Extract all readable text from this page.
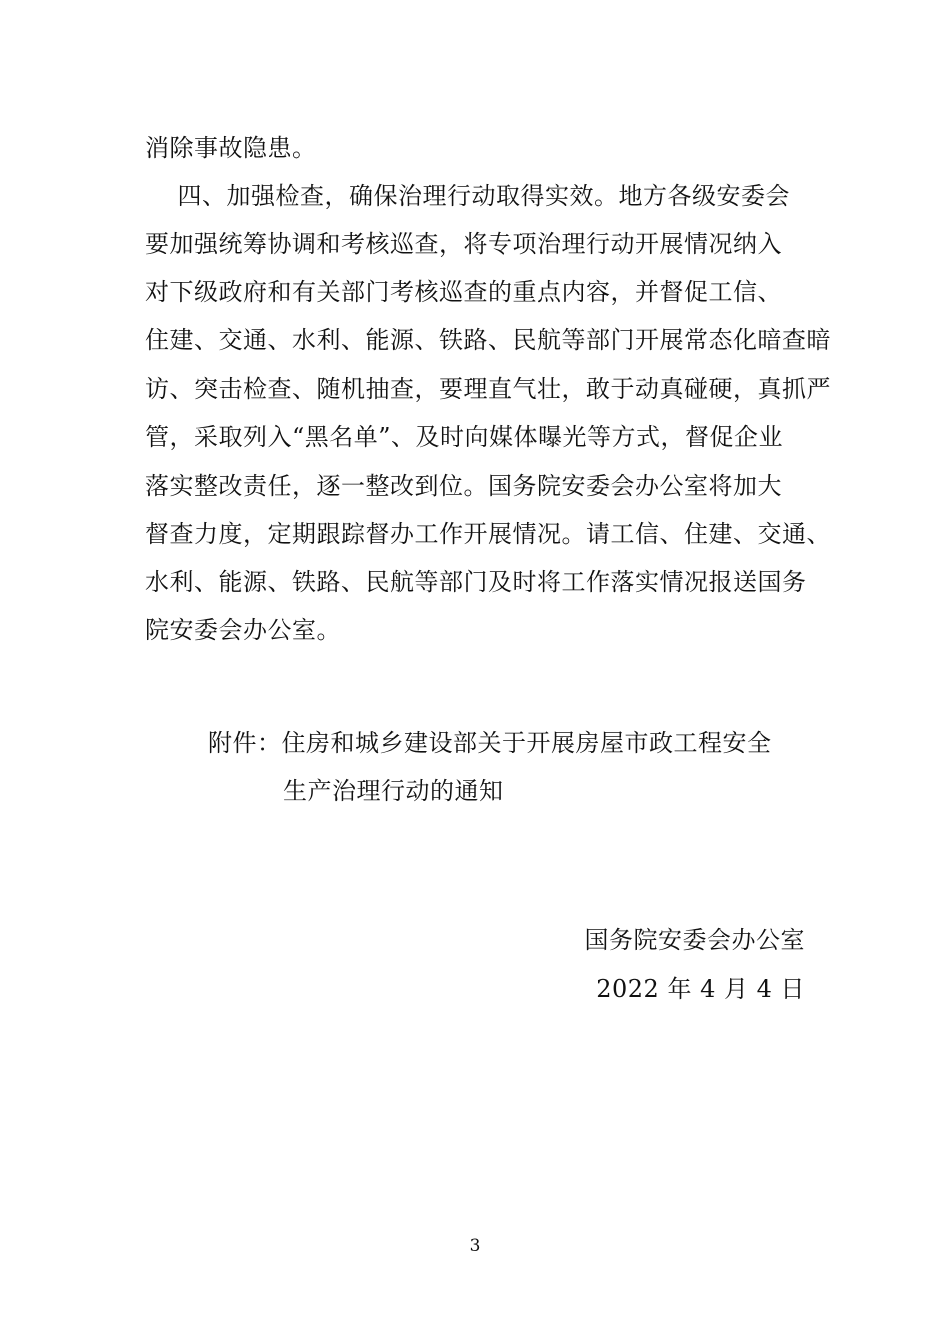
消除事故隐患。
四、加强检查，确保治理行动取得实效。地方各级安委会
要加强统筹协调和考核巡查，将专项治理行动开展情况纳入
对下级政府和有关部门考核巡查的重点内容，并督促工信、
住建、交通、水利、能源、铁路、民航等部门开展常态化暗查暗
访、突击检查、随机抽查，要理直气壮，敢于动真碰硬，真抓严
管，采取列入“黑名单”、及时向媒体曝光等方式，督促企业
落实整改责任，逐一整改到位。国务院安委会办公室将加大
督查力度，定期跟踪督办工作开展情况。请工信、住建、交通、
水利、能源、铁路、民航等部门及时将工作落实情况报送国务
院安委会办公室。
附件：住房和城乡建设部关于开展房屋市政工程安全
生产治理行动的通知
国务院安委会办公室
2022 年 4 月 4 日
3
